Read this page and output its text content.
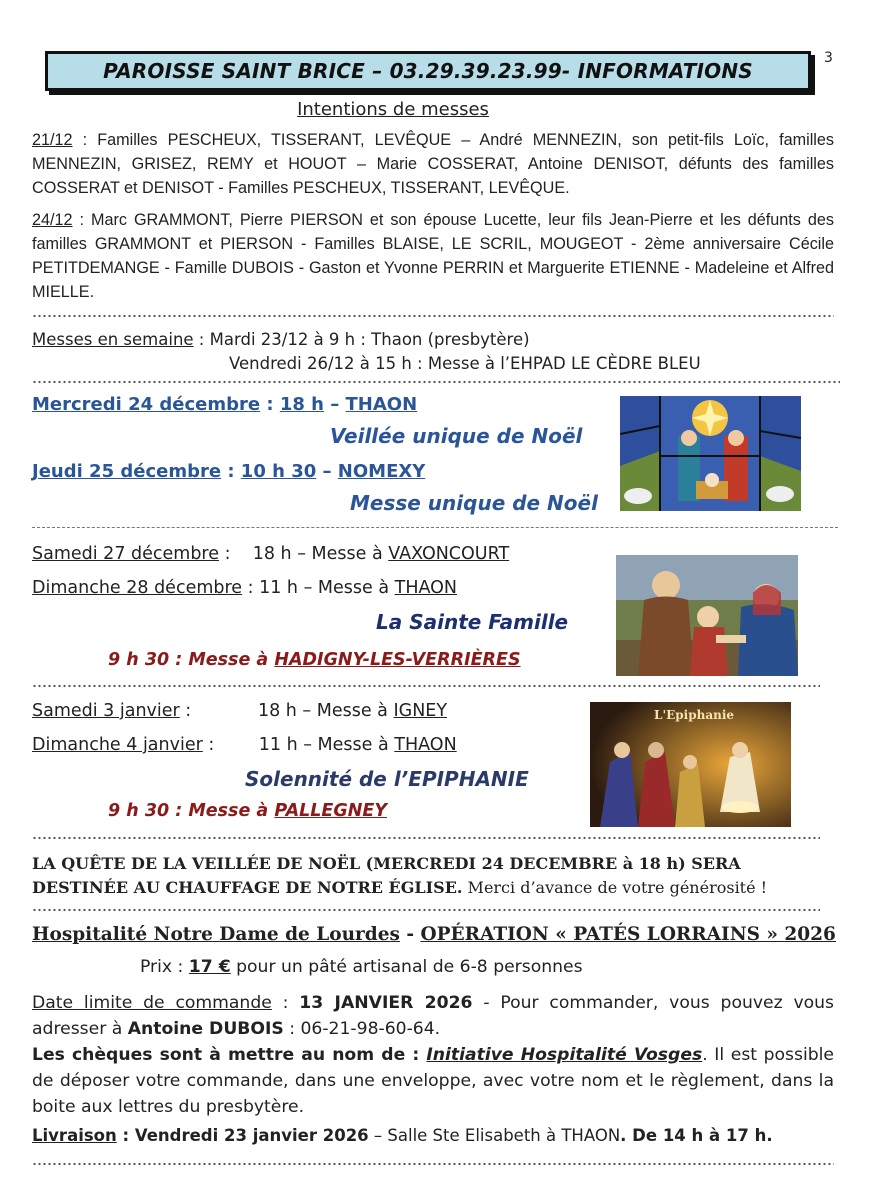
3
PAROISSE SAINT BRICE – 03.29.39.23.99- INFORMATIONS
Intentions de messes
21/12 : Familles PESCHEUX, TISSERANT, LEVÊQUE – André MENNEZIN, son petit-fils Loïc, familles MENNEZIN, GRISEZ, REMY et HOUOT – Marie COSSERAT, Antoine DENISOT, défunts des familles COSSERAT et DENISOT - Familles PESCHEUX, TISSERANT, LEVÊQUE.
24/12 : Marc GRAMMONT, Pierre PIERSON et son épouse Lucette, leur fils Jean-Pierre et les défunts des familles GRAMMONT et PIERSON - Familles BLAISE, LE SCRIL, MOUGEOT - 2ème anniversaire Cécile PETITDEMANGE - Famille DUBOIS - Gaston et Yvonne PERRIN et Marguerite ETIENNE - Madeleine et Alfred MIELLE.
Messes en semaine : Mardi 23/12 à 9 h : Thaon (presbytère)
Vendredi 26/12 à 15 h : Messe à l’EHPAD LE CÈDRE BLEU
Mercredi 24 décembre : 18 h – THAON
Veillée unique de Noël
Jeudi 25 décembre : 10 h 30 – NOMEXY
Messe unique de Noël
Samedi 27 décembre :    18 h – Messe à VAXONCOURT
Dimanche 28 décembre : 11 h – Messe à THAON
La Sainte Famille
9 h 30 : Messe à HADIGNY-LES-VERRIÈRES
Samedi 3 janvier :            18 h – Messe à IGNEY
Dimanche 4 janvier :        11 h – Messe à THAON
Solennité de l’EPIPHANIE
9 h 30 : Messe à PALLEGNEY
L'Epiphanie
LA QUÊTE DE LA VEILLÉE DE NOËL (MERCREDI 24 DECEMBRE à 18 h) SERA DESTINÉE AU CHAUFFAGE DE NOTRE ÉGLISE. Merci d’avance de votre générosité !
Hospitalité Notre Dame de Lourdes - OPÉRATION « PATÉS LORRAINS » 2026
Prix : 17 € pour un pâté artisanal de 6-8 personnes
Date limite de commande : 13 JANVIER 2026 - Pour commander, vous pouvez vous adresser à Antoine DUBOIS : 06-21-98-60-64.
Les chèques sont à mettre au nom de : Initiative Hospitalité Vosges. Il est possible de déposer votre commande, dans une enveloppe, avec votre nom et le règlement, dans la boite aux lettres du presbytère.
Livraison : Vendredi 23 janvier 2026 – Salle Ste Elisabeth à THAON. De 14 h à 17 h.
